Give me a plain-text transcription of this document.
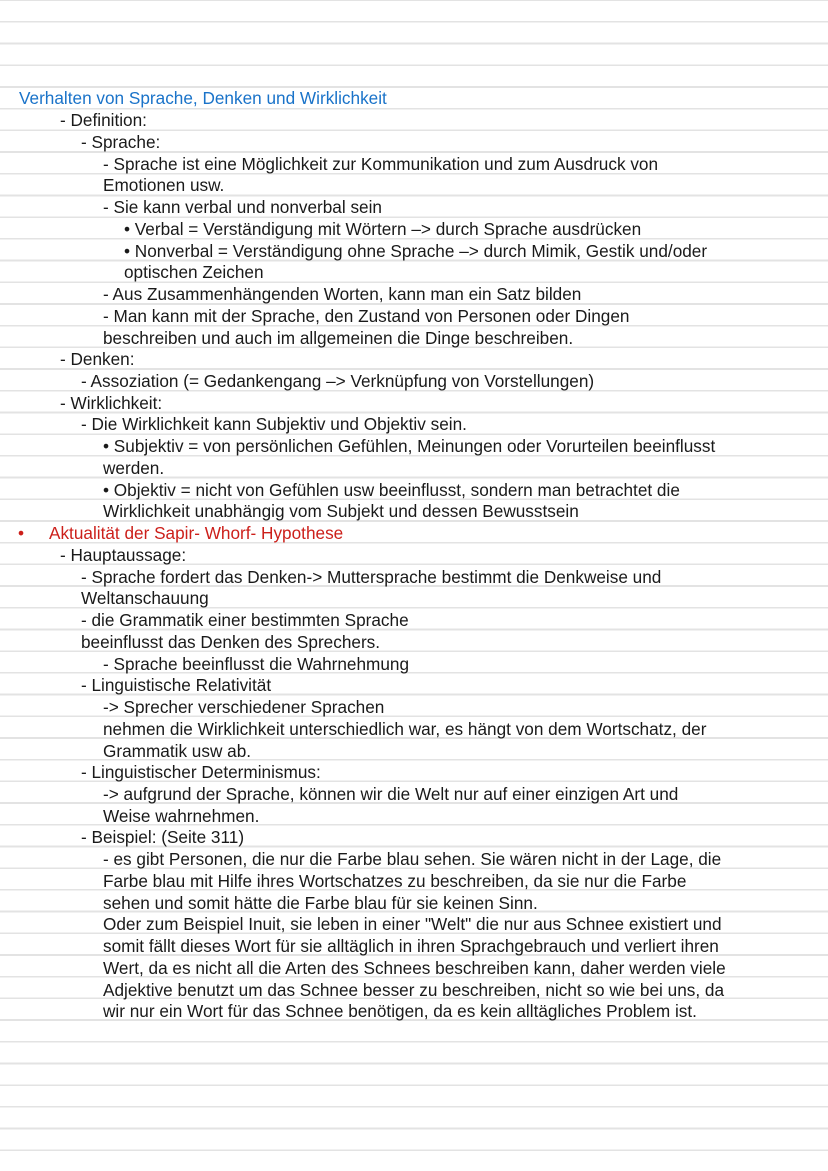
Verhalten von Sprache, Denken und Wirklichkeit
- Definition:
- Sprache:
- Sprache ist eine Möglichkeit zur Kommunikation und zum Ausdruck von
Emotionen usw.
- Sie kann verbal und nonverbal sein
• Verbal = Verständigung mit Wörtern –> durch Sprache ausdrücken
• Nonverbal = Verständigung ohne Sprache –> durch Mimik, Gestik und/oder
optischen Zeichen
- Aus Zusammenhängenden Worten, kann man ein Satz bilden
- Man kann mit der Sprache, den Zustand von Personen oder Dingen
beschreiben und auch im allgemeinen die Dinge beschreiben.
- Denken:
- Assoziation (= Gedankengang –> Verknüpfung von Vorstellungen)
- Wirklichkeit:
- Die Wirklichkeit kann Subjektiv und Objektiv sein.
• Subjektiv = von persönlichen Gefühlen, Meinungen oder Vorurteilen beeinflusst
werden.
• Objektiv = nicht von Gefühlen usw beeinflusst, sondern man betrachtet die
Wirklichkeit unabhängig vom Subjekt und dessen Bewusstsein
• Aktualität der Sapir- Whorf- Hypothese
- Hauptaussage:
- Sprache fordert das Denken-> Muttersprache bestimmt die Denkweise und
Weltanschauung
- die Grammatik einer bestimmten Sprache
beeinflusst das Denken des Sprechers.
- Sprache beeinflusst die Wahrnehmung
- Linguistische Relativität
-> Sprecher verschiedener Sprachen
nehmen die Wirklichkeit unterschiedlich war, es hängt von dem Wortschatz, der
Grammatik usw ab.
- Linguistischer Determinismus:
-> aufgrund der Sprache, können wir die Welt nur auf einer einzigen Art und
Weise wahrnehmen.
- Beispiel: (Seite 311)
- es gibt Personen, die nur die Farbe blau sehen. Sie wären nicht in der Lage, die
Farbe blau mit Hilfe ihres Wortschatzes zu beschreiben, da sie nur die Farbe
sehen und somit hätte die Farbe blau für sie keinen Sinn.
Oder zum Beispiel Inuit, sie leben in einer "Welt" die nur aus Schnee existiert und
somit fällt dieses Wort für sie alltäglich in ihren Sprachgebrauch und verliert ihren
Wert, da es nicht all die Arten des Schnees beschreiben kann, daher werden viele
Adjektive benutzt um das Schnee besser zu beschreiben, nicht so wie bei uns, da
wir nur ein Wort für das Schnee benötigen, da es kein alltägliches Problem ist.
